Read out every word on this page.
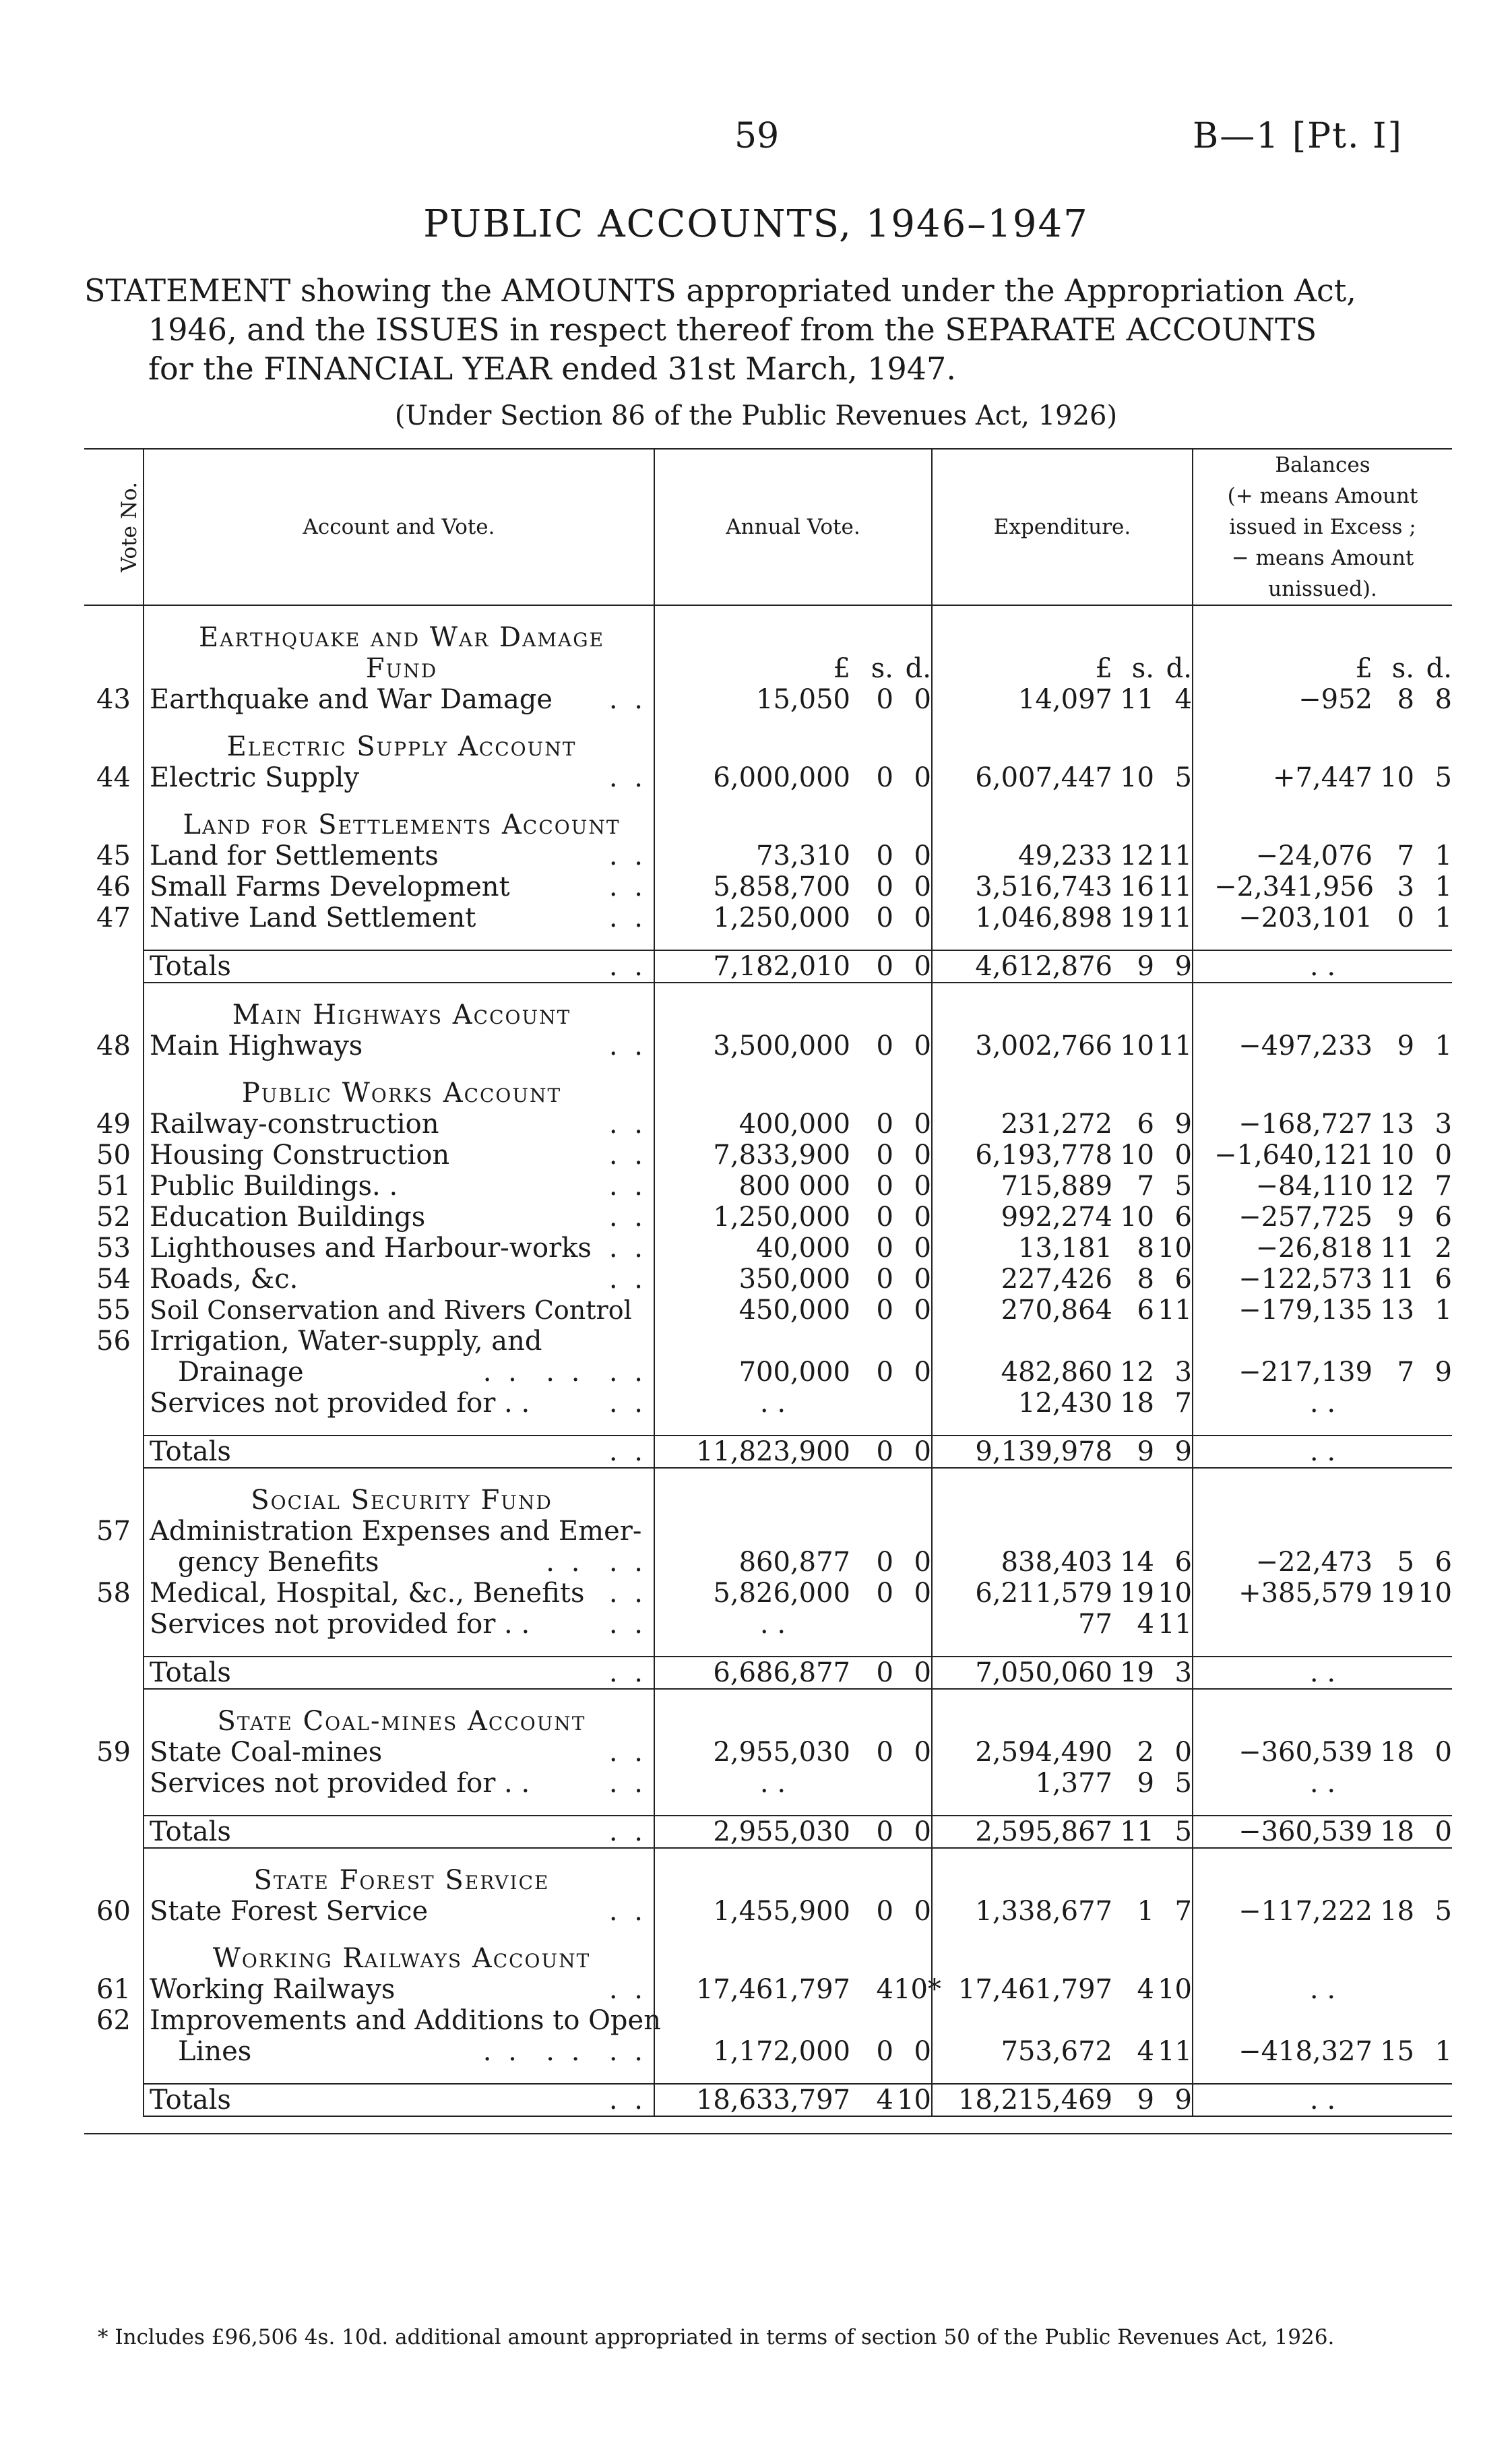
59	B—1 [Pt. I]
PUBLIC ACCOUNTS, 1946–1947
STATEMENT showing the AMOUNTS appropriated under the Appropriation Act,
1946, and the ISSUES in respect thereof from the SEPARATE ACCOUNTS
for the FINANCIAL YEAR ended 31st March, 1947.
(Under Section 86 of the Public Revenues Act, 1926)
Vote No.	Account and Vote.	Annual Vote.	Expenditure.	Balances
(+ means Amount
issued in Excess ;
− means Amount
unissued).

	Earthquake and War Damage			
	Fund	£ s. d.	£ s. d.	£ s. d.
43	Earthquake and War Damage . .	15,050 0 0	14,097 11 4	−952 8 8

	Electric Supply Account			
44	Electric Supply . .	6,000,000 0 0	6,007,447 10 5	+7,447 10 5

	Land for Settlements Account			
45	Land for Settlements . .	73,310 0 0	49,233 12 11	−24,076 7 1
46	Small Farms Development . .	5,858,700 0 0	3,516,743 16 11	−2,341,956 3 1
47	Native Land Settlement . .	1,250,000 0 0	1,046,898 19 11	−203,101 0 1

	Totals . .	7,182,010 0 0	4,612,876 9 9	. .

	Main Highways Account			
48	Main Highways . .	3,500,000 0 0	3,002,766 10 11	−497,233 9 1

	Public Works Account			
49	Railway-construction . .	400,000 0 0	231,272 6 9	−168,727 13 3
50	Housing Construction . .	7,833,900 0 0	6,193,778 10 0	−1,640,121 10 0
51	Public Buildings. . . .	800 000 0 0	715,889 7 5	−84,110 12 7
52	Education Buildings . .	1,250,000 0 0	992,274 10 6	−257,725 9 6
53	Lighthouses and Harbour-works . .	40,000 0 0	13,181 8 10	−26,818 11 2
54	Roads, &c. . .	350,000 0 0	227,426 8 6	−122,573 11 6
55	Soil Conservation and Rivers Control	450,000 0 0	270,864 6 11	−179,135 13 1
56	Irrigation, Water-supply, and			
	Drainage . .  . .  . .	700,000 0 0	482,860 12 3	−217,139 7 9
	Services not provided for . . . .	. .	12,430 18 7	. .

	Totals . .	11,823,900 0 0	9,139,978 9 9	. .

	Social Security Fund			
57	Administration Expenses and Emer-			
	gency Benefits . .  . .	860,877 0 0	838,403 14 6	−22,473 5 6
58	Medical, Hospital, &c., Benefits . .	5,826,000 0 0	6,211,579 19 10	+385,579 19 10
	Services not provided for . . . .	. .	77 4 11	

	Totals . .	6,686,877 0 0	7,050,060 19 3	. .

	State Coal-mines Account			
59	State Coal-mines . .	2,955,030 0 0	2,594,490 2 0	−360,539 18 0
	Services not provided for . . . .	. .	1,377 9 5	. .

	Totals . .	2,955,030 0 0	2,595,867 11 5	−360,539 18 0

	State Forest Service			
60	State Forest Service . .	1,455,900 0 0	1,338,677 1 7	−117,222 18 5

	Working Railways Account			
61	Working Railways . .	17,461,797 410*	17,461,797 4 10	. .
62	Improvements and Additions to Open			
	Lines . .  . .  . .	1,172,000 0 0	753,672 4 11	−418,327 15 1

	Totals . .	18,633,797 4 10	18,215,469 9 9	. .

* Includes £96,506 4s. 10d. additional amount appropriated in terms of section 50 of the Public Revenues Act, 1926.
